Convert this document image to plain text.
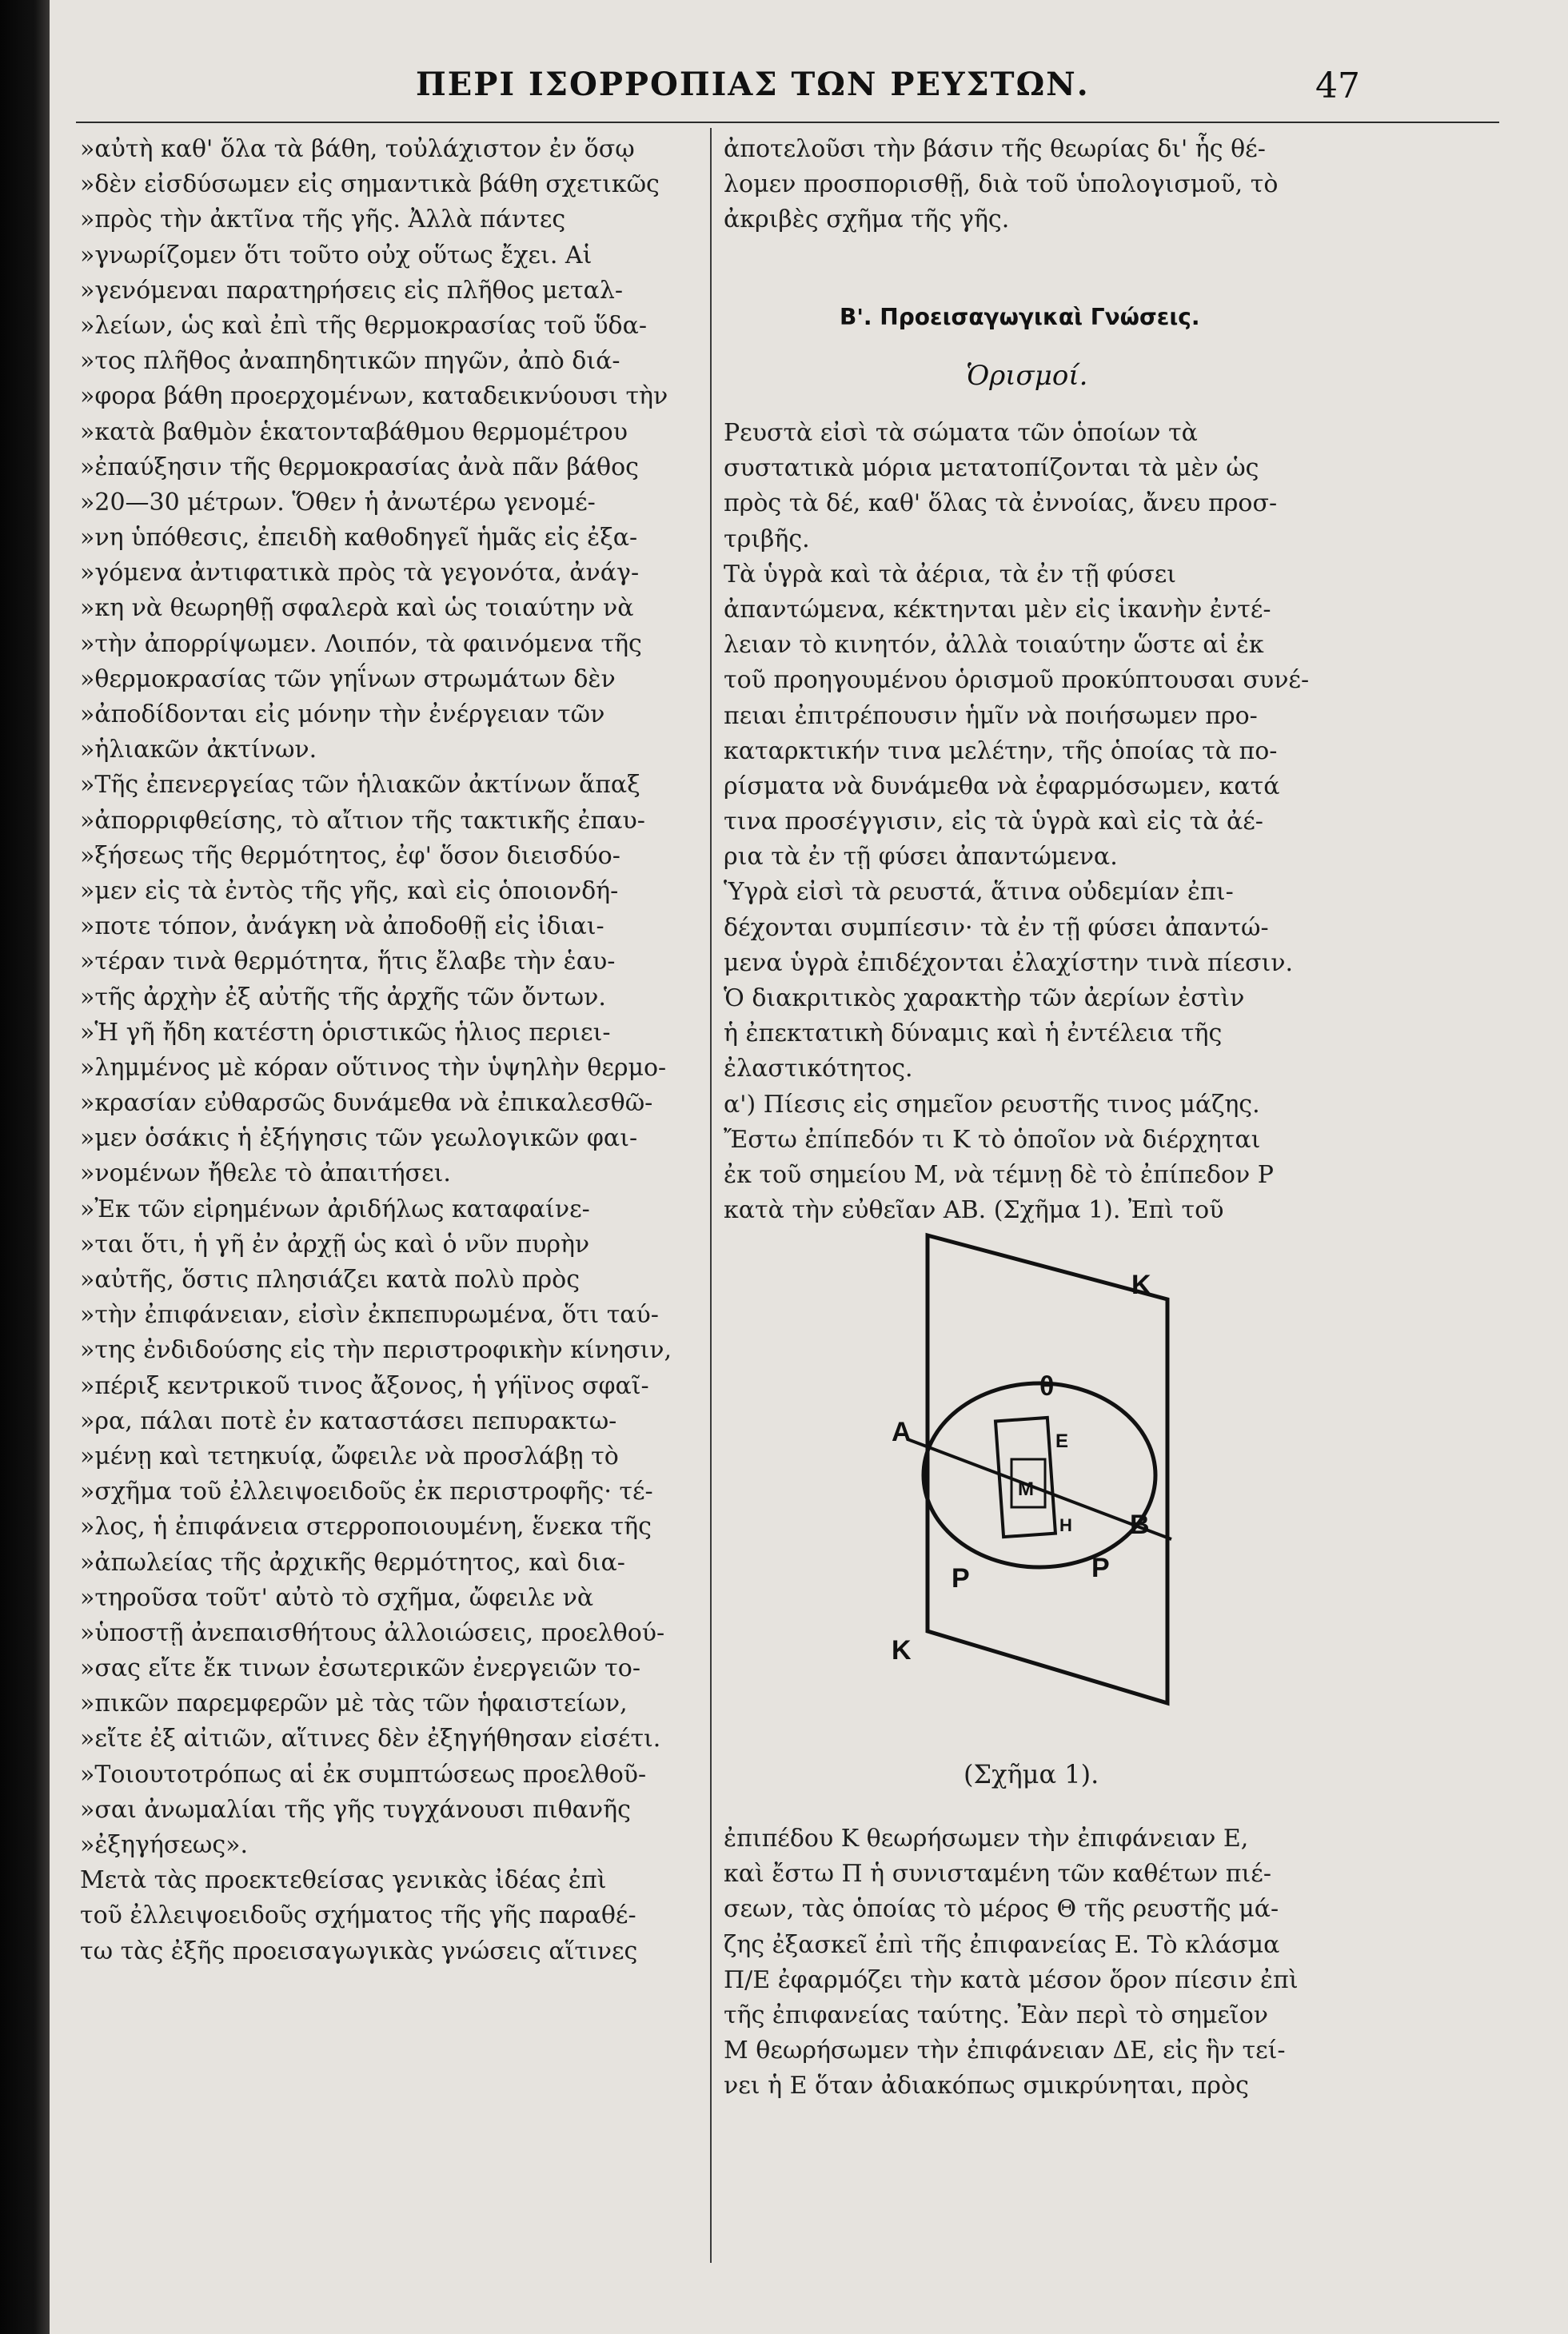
ΠΕΡΙ ΙΣΟΡΡΟΠΙΑΣ ΤΩΝ ΡΕΥΣΤΩΝ.	47
»αὐτὴ καθ' ὅλα τὰ βάθη, τοὐλάχιστον ἐν ὅσῳ
»δὲν εἰσδύσωμεν εἰς σημαντικὰ βάθη σχετικῶς
»πρὸς τὴν ἀκτῖνα τῆς γῆς. Ἀλλὰ πάντες
»γνωρίζομεν ὅτι τοῦτο οὐχ οὕτως ἔχει. Αἱ
»γενόμεναι παρατηρήσεις εἰς πλῆθος μεταλ-
»λείων, ὡς καὶ ἐπὶ τῆς θερμοκρασίας τοῦ ὕδα-
»τος πλῆθος ἀναπηδητικῶν πηγῶν, ἀπὸ διά-
»φορα βάθη προερχομένων, καταδεικνύουσι τὴν
»κατὰ βαθμὸν ἑκατονταβάθμου θερμομέτρου
»ἐπαύξησιν τῆς θερμοκρασίας ἀνὰ πᾶν βάθος
»20—30 μέτρων. Ὅθεν ἡ ἀνωτέρω γενομέ-
»νη ὑπόθεσις, ἐπειδὴ καθοδηγεῖ ἡμᾶς εἰς ἐξα-
»γόμενα ἀντιφατικὰ πρὸς τὰ γεγονότα, ἀνάγ-
»κη νὰ θεωρηθῇ σφαλερὰ καὶ ὡς τοιαύτην νὰ
»τὴν ἀπορρίψωμεν. Λοιπόν, τὰ φαινόμενα τῆς
»θερμοκρασίας τῶν γηΐνων στρωμάτων δὲν
»ἀποδίδονται εἰς μόνην τὴν ἐνέργειαν τῶν
»ἡλιακῶν ἀκτίνων.
»Τῆς ἐπενεργείας τῶν ἡλιακῶν ἀκτίνων ἅπαξ
»ἀπορριφθείσης, τὸ αἴτιον τῆς τακτικῆς ἐπαυ-
»ξήσεως τῆς θερμότητος, ἐφ' ὅσον διεισδύο-
»μεν εἰς τὰ ἐντὸς τῆς γῆς, καὶ εἰς ὁποιονδή-
»ποτε τόπον, ἀνάγκη νὰ ἀποδοθῇ εἰς ἰδιαι-
»τέραν τινὰ θερμότητα, ἥτις ἔλαβε τὴν ἑαυ-
»τῆς ἀρχὴν ἐξ αὐτῆς τῆς ἀρχῆς τῶν ὄντων.
»Ἡ γῆ ἤδη κατέστη ὁριστικῶς ἡλιος περιει-
»λημμένος μὲ κόραν οὕτινος τὴν ὑψηλὴν θερμο-
»κρασίαν εὐθαρσῶς δυνάμεθα νὰ ἐπικαλεσθῶ-
»μεν ὁσάκις ἡ ἐξήγησις τῶν γεωλογικῶν φαι-
»νομένων ἤθελε τὸ ἀπαιτήσει.
»Ἐκ τῶν εἰρημένων ἀριδήλως καταφαίνε-
»ται ὅτι, ἡ γῆ ἐν ἀρχῇ ὡς καὶ ὁ νῦν πυρὴν
»αὐτῆς, ὅστις πλησιάζει κατὰ πολὺ πρὸς
»τὴν ἐπιφάνειαν, εἰσὶν ἐκπεπυρωμένα, ὅτι ταύ-
»της ἐνδιδούσης εἰς τὴν περιστροφικὴν κίνησιν,
»πέριξ κεντρικοῦ τινος ἄξονος, ἡ γήϊνος σφαῖ-
»ρα, πάλαι ποτὲ ἐν καταστάσει πεπυρακτω-
»μένῃ καὶ τετηκυίᾳ, ὤφειλε νὰ προσλάβῃ τὸ
»σχῆμα τοῦ ἐλλειψοειδοῦς ἐκ περιστροφῆς· τέ-
»λος, ἡ ἐπιφάνεια στερροποιουμένη, ἕνεκα τῆς
»ἀπωλείας τῆς ἀρχικῆς θερμότητος, καὶ δια-
»τηροῦσα τοῦτ' αὐτὸ τὸ σχῆμα, ὤφειλε νὰ
»ὑποστῇ ἀνεπαισθήτους ἀλλοιώσεις, προελθού-
»σας εἴτε ἔκ τινων ἐσωτερικῶν ἐνεργειῶν το-
»πικῶν παρεμφερῶν μὲ τὰς τῶν ἡφαιστείων,
»εἴτε ἐξ αἰτιῶν, αἵτινες δὲν ἐξηγήθησαν εἰσέτι.
»Τοιουτοτρόπως αἱ ἐκ συμπτώσεως προελθοῦ-
»σαι ἀνωμαλίαι τῆς γῆς τυγχάνουσι πιθανῆς
»ἐξηγήσεως».
Μετὰ τὰς προεκτεθείσας γενικὰς ἰδέας ἐπὶ
τοῦ ἐλλειψοειδοῦς σχήματος τῆς γῆς παραθέ-
τω τὰς ἐξῆς προεισαγωγικὰς γνώσεις αἵτινες
ἀποτελοῦσι τὴν βάσιν τῆς θεωρίας δι' ἧς θέ-
λομεν προσπορισθῇ, διὰ τοῦ ὑπολογισμοῦ, τὸ
ἀκριβὲς σχῆμα τῆς γῆς.
Β'. Προεισαγωγικαὶ Γνώσεις.
Ὁρισμοί.
Ρευστὰ εἰσὶ τὰ σώματα τῶν ὁποίων τὰ
συστατικὰ μόρια μετατοπίζονται τὰ μὲν ὡς
πρὸς τὰ δέ, καθ' ὅλας τὰ ἐννοίας, ἄνευ προσ-
τριβῆς.
Τὰ ὑγρὰ καὶ τὰ ἀέρια, τὰ ἐν τῇ φύσει
ἀπαντώμενα, κέκτηνται μὲν εἰς ἱκανὴν ἐντέ-
λειαν τὸ κινητόν, ἀλλὰ τοιαύτην ὥστε αἱ ἐκ
τοῦ προηγουμένου ὁρισμοῦ προκύπτουσαι συνέ-
πειαι ἐπιτρέπουσιν ἡμῖν νὰ ποιήσωμεν προ-
καταρκτικήν τινα μελέτην, τῆς ὁποίας τὰ πο-
ρίσματα νὰ δυνάμεθα νὰ ἐφαρμόσωμεν, κατά
τινα προσέγγισιν, εἰς τὰ ὑγρὰ καὶ εἰς τὰ ἀέ-
ρια τὰ ἐν τῇ φύσει ἀπαντώμενα.
Ὑγρὰ εἰσὶ τὰ ρευστά, ἅτινα οὐδεμίαν ἐπι-
δέχονται συμπίεσιν· τὰ ἐν τῇ φύσει ἀπαντώ-
μενα ὑγρὰ ἐπιδέχονται ἐλαχίστην τινὰ πίεσιν.
Ὁ διακριτικὸς χαρακτὴρ τῶν ἀερίων ἐστὶν
ἡ ἐπεκτατικὴ δύναμις καὶ ἡ ἐντέλεια τῆς
ἐλαστικότητος.
α') Πίεσις εἰς σημεῖον ρευστῆς τινος μάζης.
Ἔστω ἐπίπεδόν τι Κ τὸ ὁποῖον νὰ διέρχηται
ἐκ τοῦ σημείου Μ, νὰ τέμνῃ δὲ τὸ ἐπίπεδον Ρ
κατὰ τὴν εὐθεῖαν ΑΒ. (Σχῆμα 1). Ἐπὶ τοῦ
Κ
θ
Α	Ε
Μ
Η Β
Ρ	Ρ
Κ
(Σχῆμα 1).
ἐπιπέδου Κ θεωρήσωμεν τὴν ἐπιφάνειαν Ε,
καὶ ἔστω Π ἡ συνισταμένη τῶν καθέτων πιέ-
σεων, τὰς ὁποίας τὸ μέρος Θ τῆς ρευστῆς μά-
ζης ἐξασκεῖ ἐπὶ τῆς ἐπιφανείας Ε. Τὸ κλάσμα
Π/Ε ἐφαρμόζει τὴν κατὰ μέσον ὅρον πίεσιν ἐπὶ
τῆς ἐπιφανείας ταύτης. Ἐὰν περὶ τὸ σημεῖον
Μ θεωρήσωμεν τὴν ἐπιφάνειαν ΔΕ, εἰς ἣν τεί-
νει ἡ Ε ὅταν ἀδιακόπως σμικρύνηται, πρὸς
